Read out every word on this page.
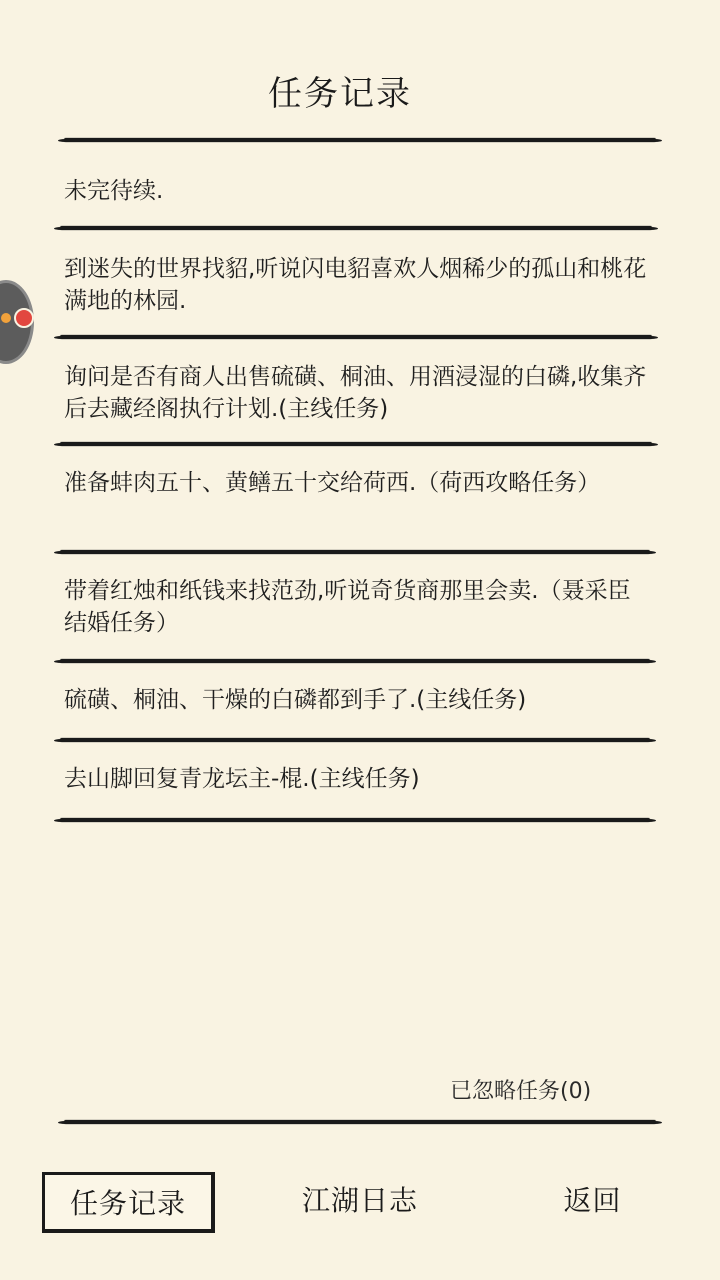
任务记录
未完待续.
到迷失的世界找貂,听说闪电貂喜欢人烟稀少的孤山和桃花满地的林园.
询问是否有商人出售硫磺、桐油、用酒浸湿的白磷,收集齐后去藏经阁执行计划.(主线任务)
准备蚌肉五十、黄鳝五十交给荷西.（荷西攻略任务）
带着红烛和纸钱来找范劲,听说奇货商那里会卖.（聂采臣结婚任务）
硫磺、桐油、干燥的白磷都到手了.(主线任务)
去山脚回复青龙坛主-棍.(主线任务)
已忽略任务(0)
任务记录	江湖日志	返回
